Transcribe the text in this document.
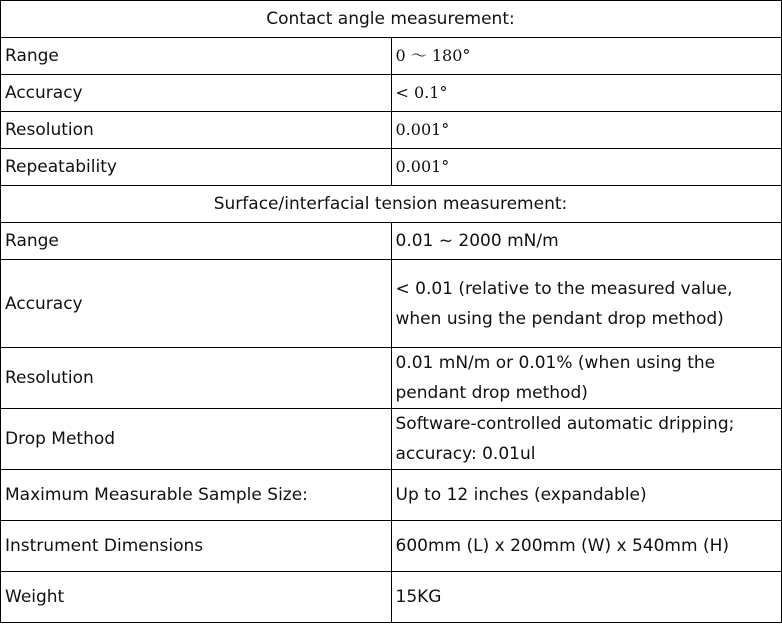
Contact angle measurement:	
Range	0 ～ 180°
Accuracy	< 0.1°
Resolution	0.001°
Repeatability	0.001°
Surface/interfacial tension measurement:	
Range	0.01 ~ 2000 mN/m
Accuracy	< 0.01 (relative to the measured value, when using the pendant drop method)
Resolution	0.01 mN/m or 0.01% (when using the pendant drop method)
Drop Method	Software-controlled automatic dripping; accuracy: 0.01ul
Maximum Measurable Sample Size:	Up to 12 inches (expandable)
Instrument Dimensions	600mm (L) x 200mm (W) x 540mm (H)
Weight	15KG
